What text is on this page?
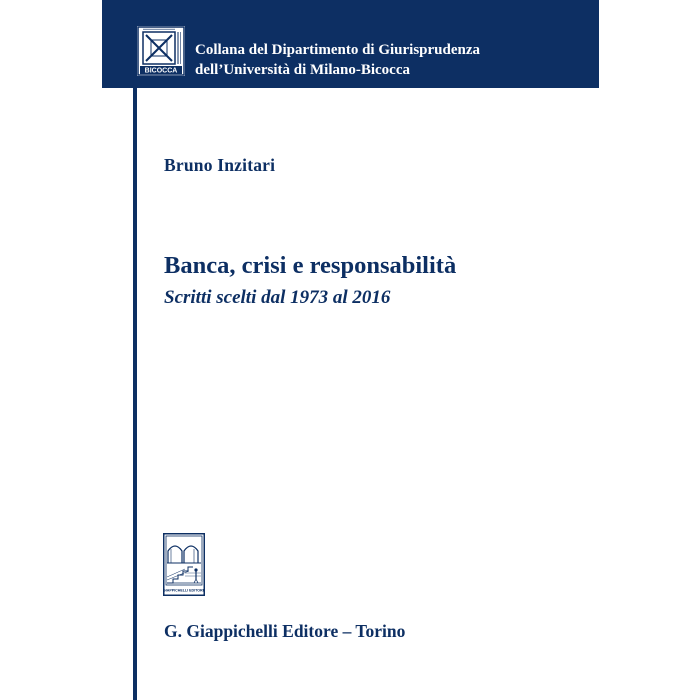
BICOCCA
Collana del Dipartimento di Giurisprudenza
dell’Università di Milano-Bicocca
Bruno Inzitari
Banca, crisi e responsabilità
Scritti scelti dal 1973 al 2016
GIAPPICHELLI EDITORE
G. Giappichelli Editore – Torino
